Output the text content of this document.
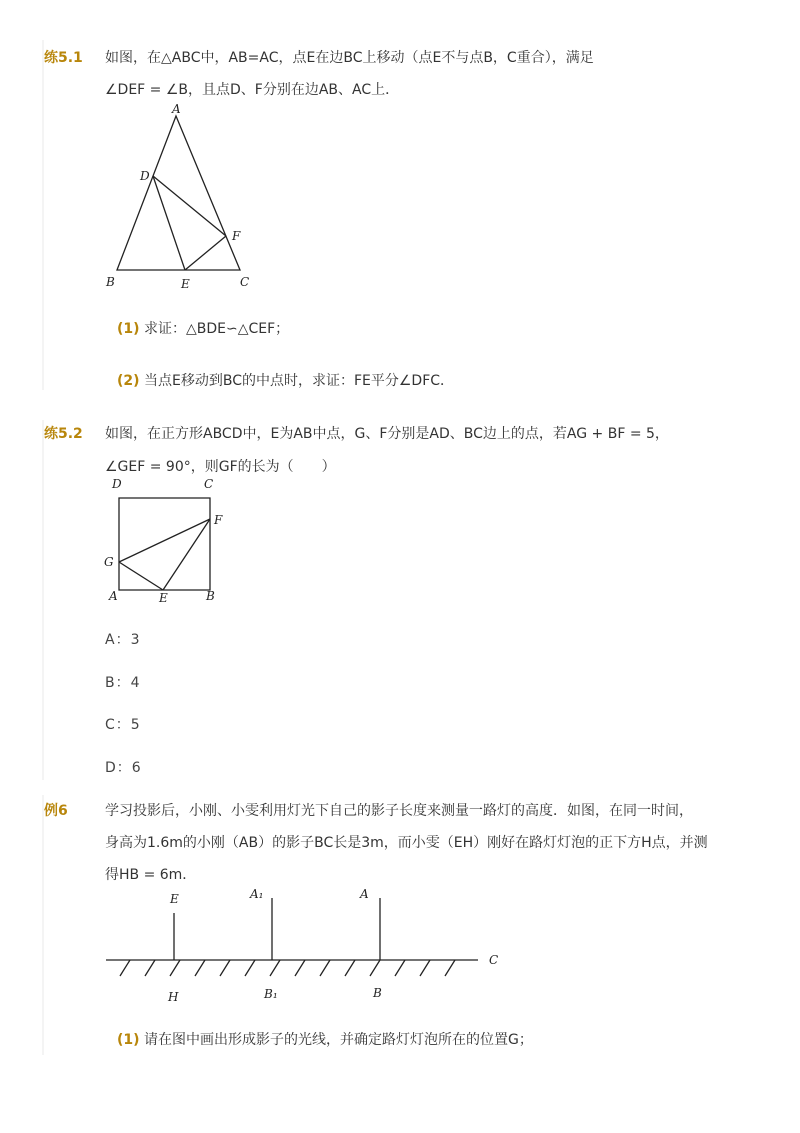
练5.1 如图，在△ABC中，AB=AC，点E在边BC上移动（点E不与点B，C重合），满足
∠DEF = ∠B，且点D、F分别在边AB、AC上．
A
D
F
B	E	C
(1) 求证：△BDE∽△CEF；
(2) 当点E移动到BC的中点时，求证：FE平分∠DFC．
练5.2 如图，在正方形ABCD中，E为AB中点，G、F分别是AD、BC边上的点，若AG + BF = 5，
∠GEF = 90°，则GF的长为（　　）
D	C
F
G
A	E	B
A：3
B：4
C：5
D：6
例6	学习投影后，小刚、小雯利用灯光下自己的影子长度来测量一路灯的高度．如图，在同一时间，
身高为1.6m的小刚（AB）的影子BC长是3m，而小雯（EH）刚好在路灯灯泡的正下方H点，并测
得HB = 6m．
E	A₁	A
C
H	B₁	B
(1) 请在图中画出形成影子的光线，并确定路灯灯泡所在的位置G；
